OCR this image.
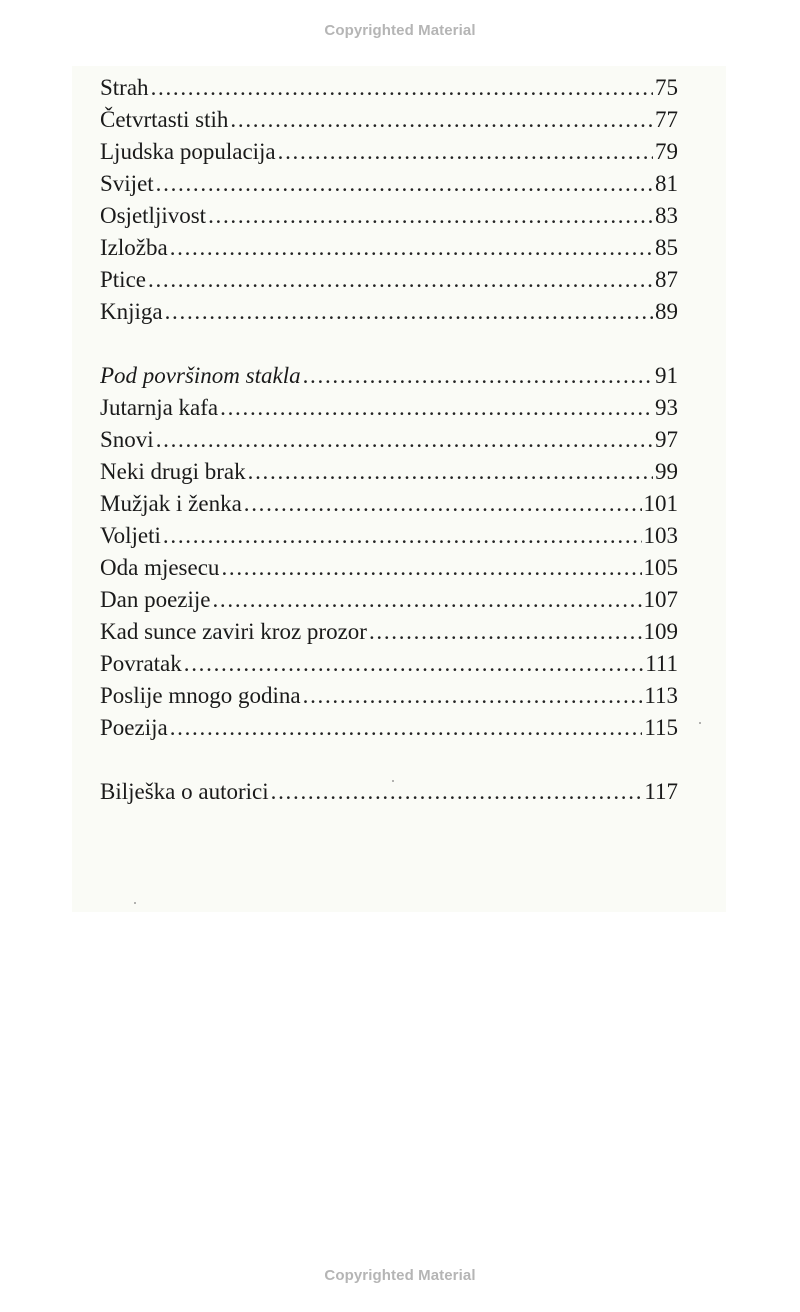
Copyrighted Material
Strah .....	75
Četvrtasti stih .....	77
Ljudska populacija .....	79
Svijet .....	81
Osjetljivost .....	83
Izložba .....	85
Ptice .....	87
Knjiga .....	89
Pod površinom stakla .....	91
Jutarnja kafa .....	93
Snovi .....	97
Neki drugi brak .....	99
Mužjak i ženka .....	101
Voljeti .....	103
Oda mjesecu .....	105
Dan poezije .....	107
Kad sunce zaviri kroz prozor .....	109
Povratak .....	111
Poslije mnogo godina .....	113
Poezija .....	115
Bilješka o autorici .....	117
Copyrighted Material
